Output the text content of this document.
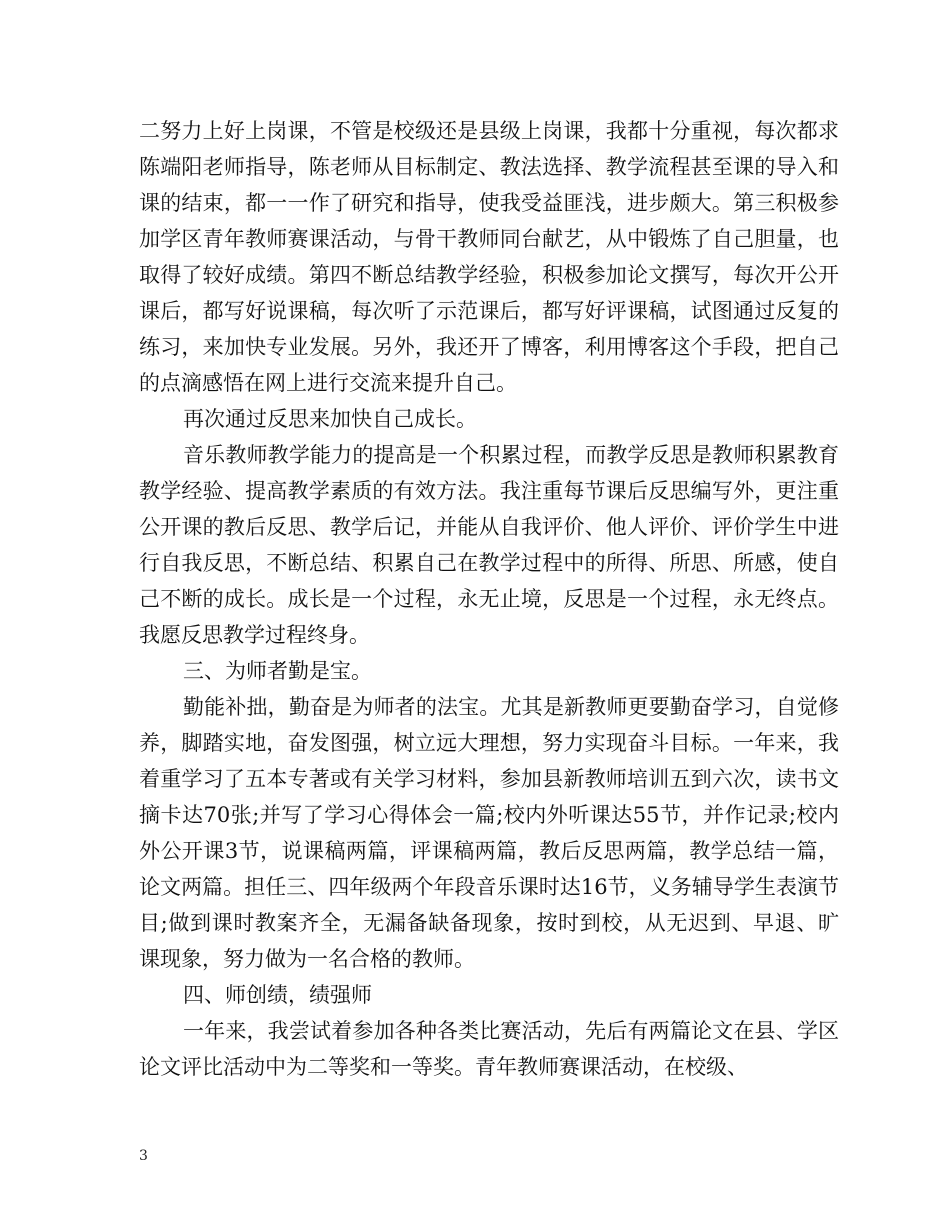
二努力上好上岗课，不管是校级还是县级上岗课，我都十分重视，每次都求陈端阳老师指导，陈老师从目标制定、教法选择、教学流程甚至课的导入和课的结束，都一一作了研究和指导，使我受益匪浅，进步颇大。第三积极参加学区青年教师赛课活动，与骨干教师同台献艺，从中锻炼了自己胆量，也取得了较好成绩。第四不断总结教学经验，积极参加论文撰写，每次开公开课后，都写好说课稿，每次听了示范课后，都写好评课稿，试图通过反复的练习，来加快专业发展。另外，我还开了博客，利用博客这个手段，把自己的点滴感悟在网上进行交流来提升自己。

再次通过反思来加快自己成长。

音乐教师教学能力的提高是一个积累过程，而教学反思是教师积累教育教学经验、提高教学素质的有效方法。我注重每节课后反思编写外，更注重公开课的教后反思、教学后记，并能从自我评价、他人评价、评价学生中进行自我反思，不断总结、积累自己在教学过程中的所得、所思、所感，使自己不断的成长。成长是一个过程，永无止境，反思是一个过程，永无终点。我愿反思教学过程终身。

三、为师者勤是宝。

勤能补拙，勤奋是为师者的法宝。尤其是新教师更要勤奋学习，自觉修养，脚踏实地，奋发图强，树立远大理想，努力实现奋斗目标。一年来，我着重学习了五本专著或有关学习材料，参加县新教师培训五到六次，读书文摘卡达70张;并写了学习心得体会一篇;校内外听课达55节，并作记录;校内外公开课3节，说课稿两篇，评课稿两篇，教后反思两篇，教学总结一篇，论文两篇。担任三、四年级两个年段音乐课时达16节，义务辅导学生表演节目;做到课时教案齐全，无漏备缺备现象，按时到校，从无迟到、早退、旷课现象，努力做为一名合格的教师。

四、师创绩，绩强师

一年来，我尝试着参加各种各类比赛活动，先后有两篇论文在县、学区论文评比活动中为二等奖和一等奖。青年教师赛课活动，在校级、

3
